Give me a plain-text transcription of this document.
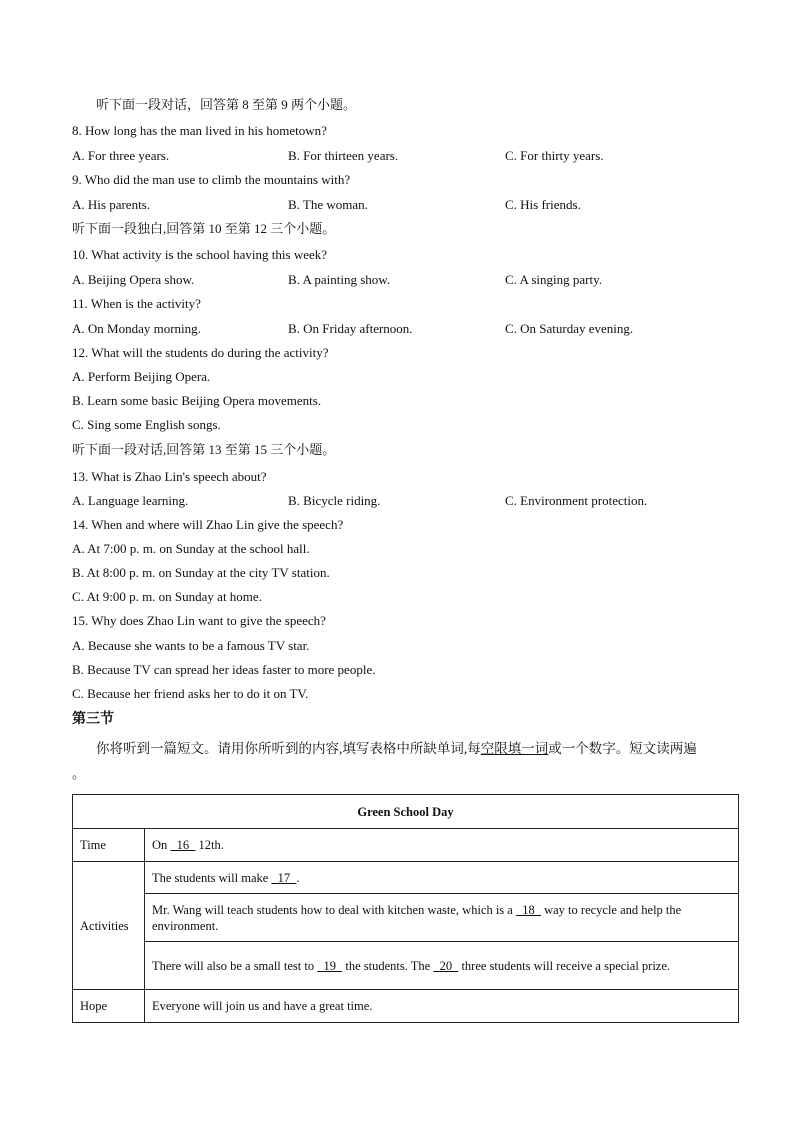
听下面一段对话，回答第 8 至第 9 两个小题。
8. How long has the man lived in his hometown?
A. For three years.	B. For thirteen years.	C. For thirty years.
9. Who did the man use to climb the mountains with?
A. His parents.	B. The woman.	C. His friends.
听下面一段独白,回答第 10 至第 12 三个小题。
10. What activity is the school having this week?
A. Beijing Opera show.	B. A painting show.	C. A singing party.
11. When is the activity?
A. On Monday morning.	B. On Friday afternoon.	C. On Saturday evening.
12. What will the students do during the activity?
A. Perform Beijing Opera.
B. Learn some basic Beijing Opera movements.
C. Sing some English songs.
听下面一段对话,回答第 13 至第 15 三个小题。
13. What is Zhao Lin's speech about?
A. Language learning.	B. Bicycle riding.	C. Environment protection.
14. When and where will Zhao Lin give the speech?
A. At 7:00 p. m. on Sunday at the school hall.
B. At 8:00 p. m. on Sunday at the city TV station.
C. At 9:00 p. m. on Sunday at home.
15. Why does Zhao Lin want to give the speech?
A. Because she wants to be a famous TV star.
B. Because TV can spread her ideas faster to more people.
C. Because her friend asks her to do it on TV.
第三节
你将听到一篇短文。请用你所听到的内容,填写表格中所缺单词,每空限填一词或一个数字。短文读两遍
。
Green School Day	
Time	On   16   12th.
Activities	The students will make   17  .
	Mr. Wang will teach students how to deal with kitchen waste, which is a   18   way to recycle and help the environment.
	There will also be a small test to   19   the students. The   20   three students will receive a special prize.
Hope	Everyone will join us and have a great time.
